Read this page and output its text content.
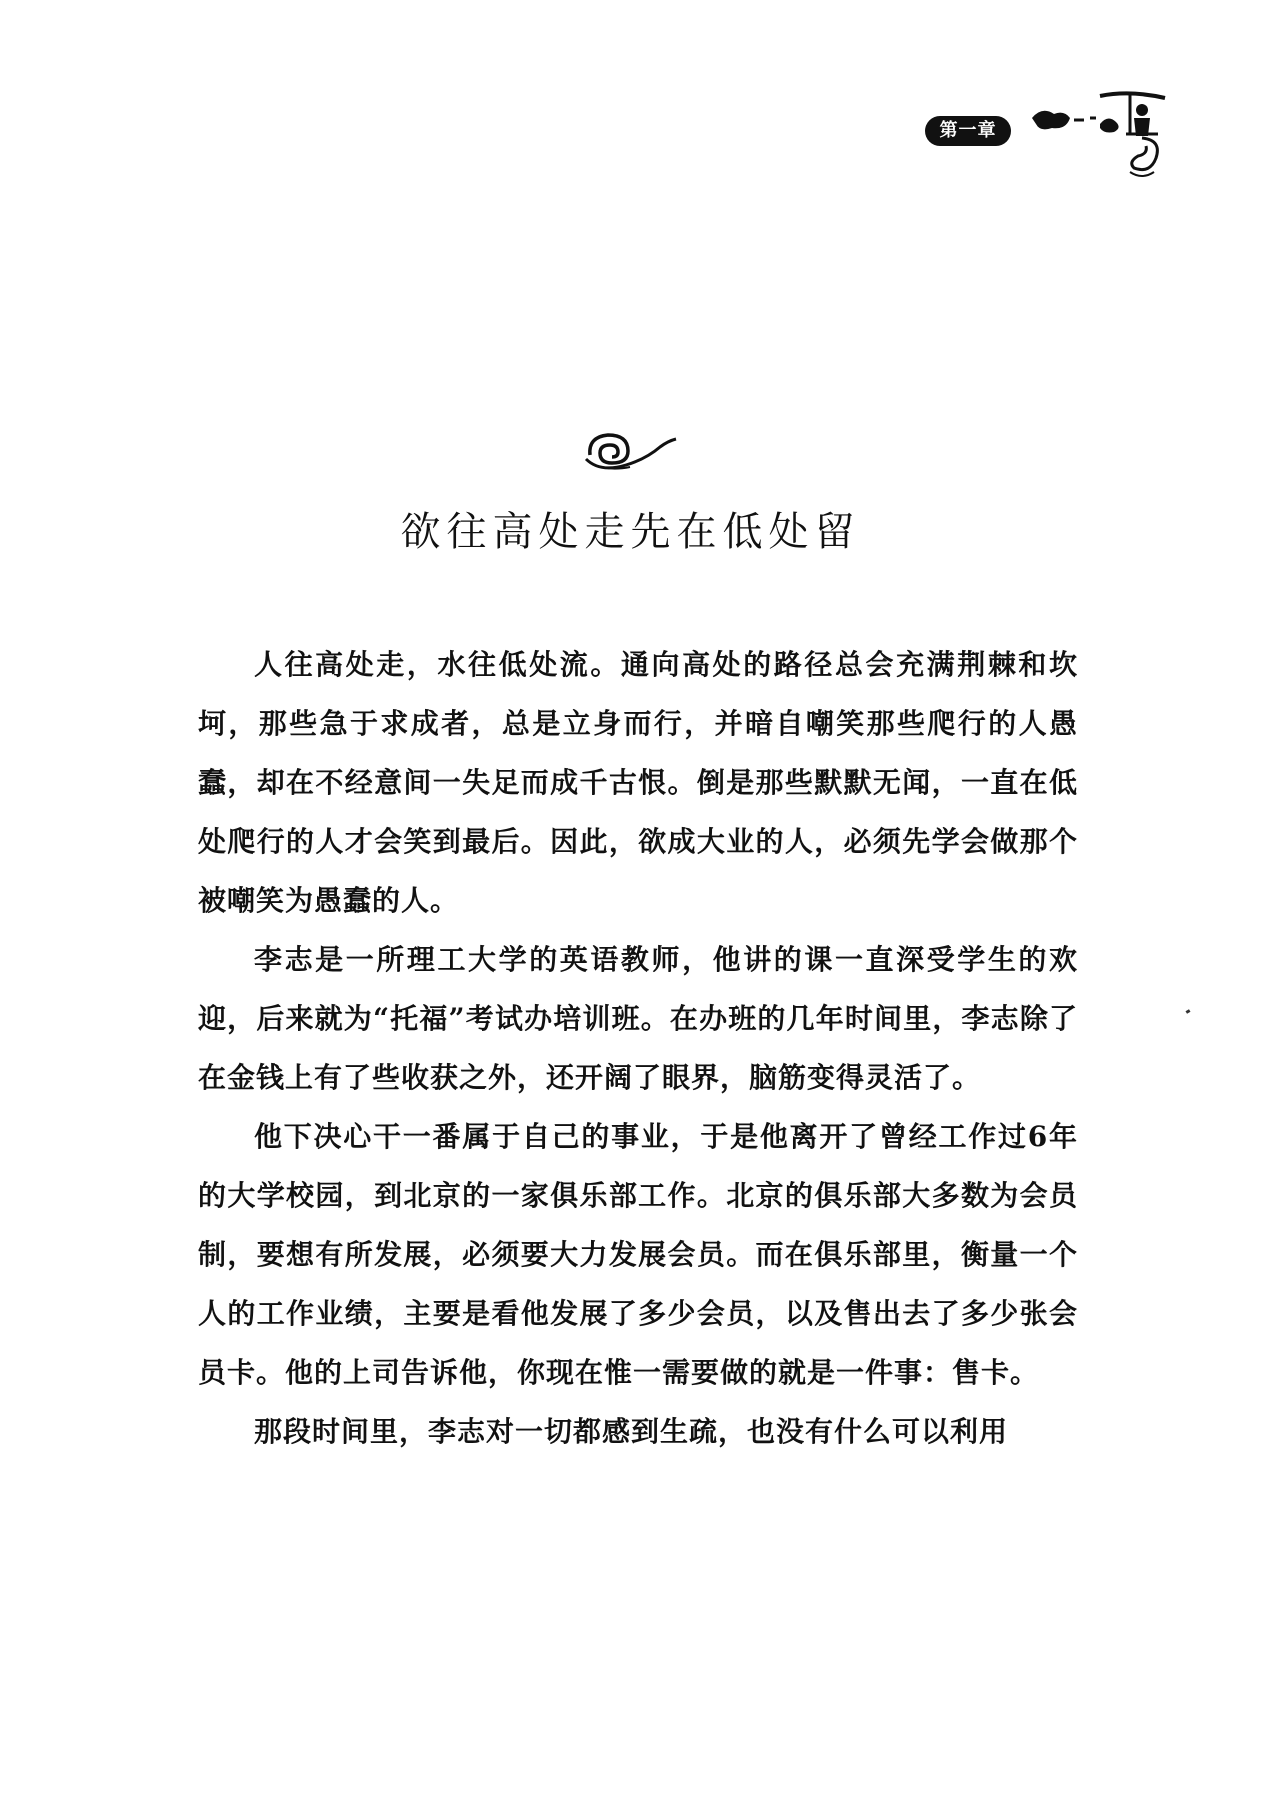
第一章
欲往高处走先在低处留

人往高处走，水往低处流。通向高处的路径总会充满荆棘和坎坷，那些急于求成者，总是立身而行，并暗自嘲笑那些爬行的人愚蠢，却在不经意间一失足而成千古恨。倒是那些默默无闻，一直在低处爬行的人才会笑到最后。因此，欲成大业的人，必须先学会做那个被嘲笑为愚蠢的人。

李志是一所理工大学的英语教师，他讲的课一直深受学生的欢迎，后来就为“托福”考试办培训班。在办班的几年时间里，李志除了在金钱上有了些收获之外，还开阔了眼界，脑筋变得灵活了。

他下决心干一番属于自己的事业，于是他离开了曾经工作过6年的大学校园，到北京的一家俱乐部工作。北京的俱乐部大多数为会员制，要想有所发展，必须要大力发展会员。而在俱乐部里，衡量一个人的工作业绩，主要是看他发展了多少会员，以及售出去了多少张会员卡。他的上司告诉他，你现在惟一需要做的就是一件事：售卡。

那段时间里，李志对一切都感到生疏，也没有什么可以利用
